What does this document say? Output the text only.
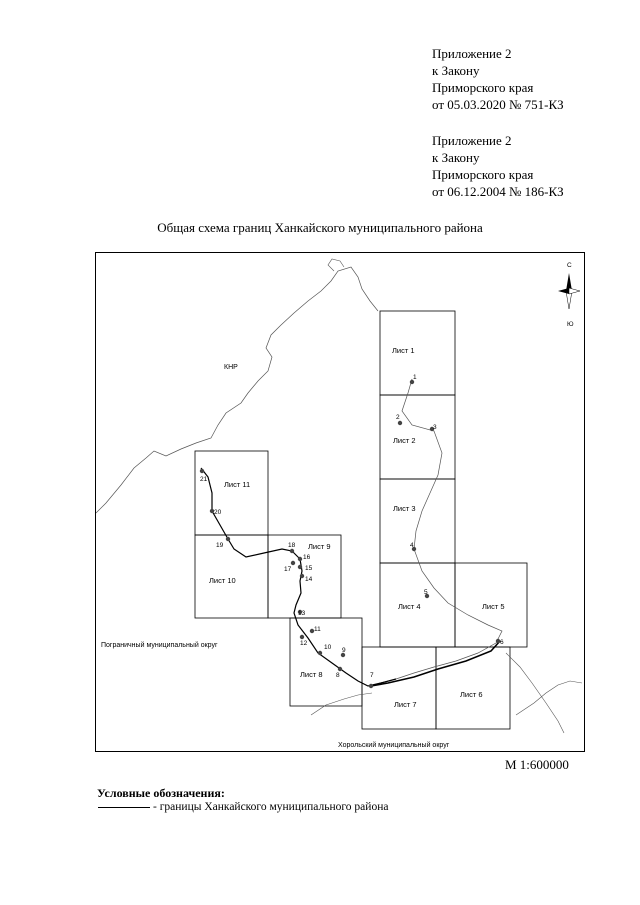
Приложение 2
к Закону
Приморского края
от 05.03.2020 № 751-КЗ
Приложение 2
к Закону
Приморского края
от 06.12.2004 № 186-КЗ
Общая схема границ Ханкайского муниципального района
КНР
Пограничный муниципальный округ
Хорольский муниципальный округ
С
Ю
Лист 1
Лист 2
Лист 3
Лист 4	Лист 5
Лист 6
Лист 7
Лист 8
Лист 9
Лист 10
Лист 11
1
2
3
4
5
6
7
8
9
10
11
12
13
14
15
16
17
18
19
20
21
М 1:600000
Условные обозначения:
- границы Ханкайского муниципального района
